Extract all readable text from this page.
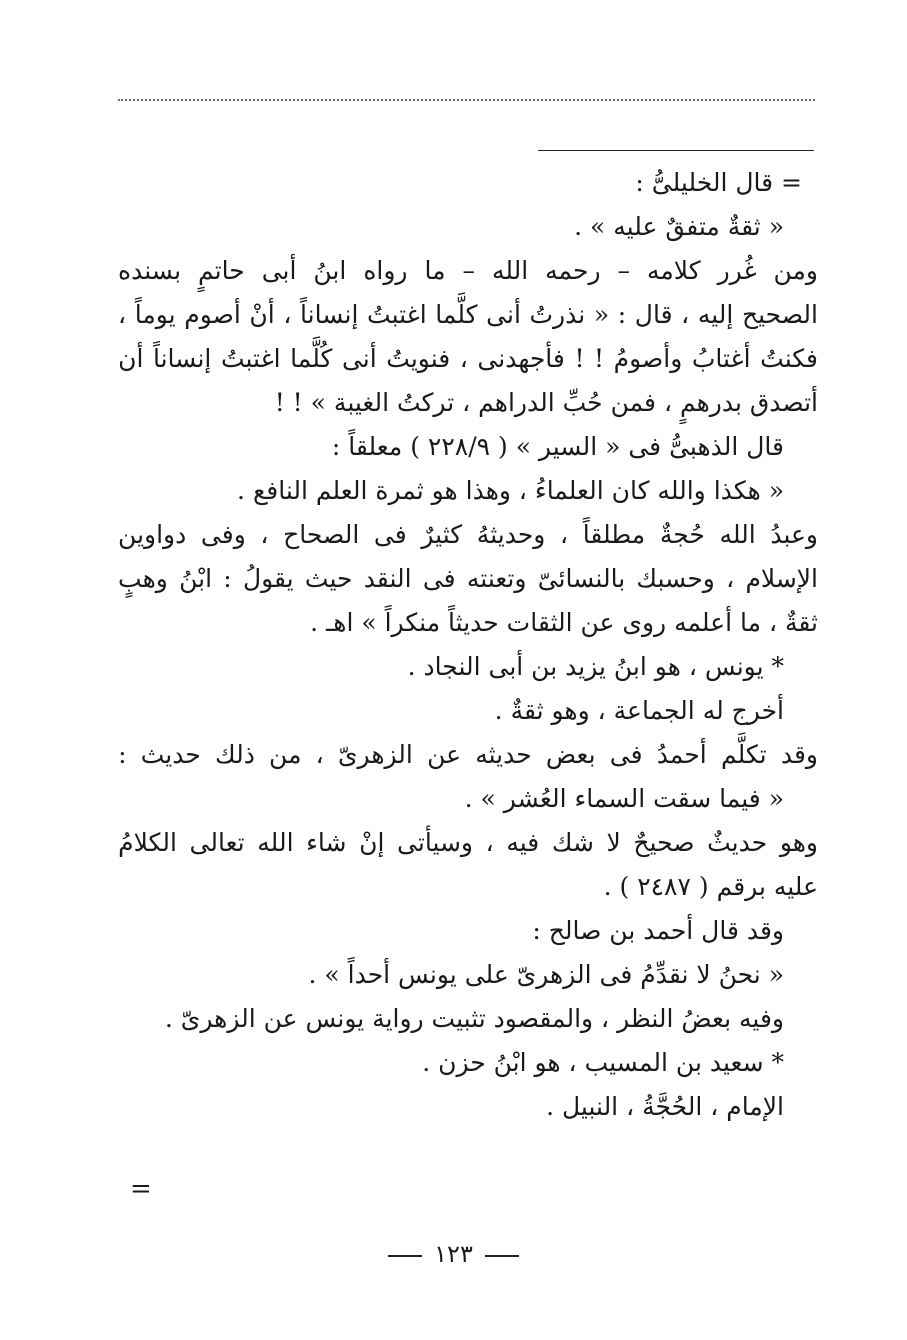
= قال الخليلىُّ :
« ثقةٌ متفقٌ عليه » .
ومن
غُرر
كلامه
–
رحمه
الله
–
ما
رواه
ابنُ
أبى
حاتمٍ
بسنده
الصحيح
إليه
،
قال
:
«
نذرتُ
أنى
كلَّما
اغتبتُ
إنساناً
،
أنْ
أصوم
يوماً
،
فكنتُ
أغتابُ
وأصومُ
!
!
فأجهدنى
،
فنويتُ
أنى
كُلَّما
اغتبتُ
إنساناً
أن
أتصدق بدرهمٍ ، فمن حُبِّ الدراهم ، تركتُ الغيبة » ! !
قال الذهبىُّ فى « السير » ( ٢٢٨/٩ ) معلقاً :
« هكذا والله كان العلماءُ ، وهذا هو ثمرة العلم النافع .
وعبدُ
الله
حُجةٌ
مطلقاً
،
وحديثهُ
كثيرٌ
فى
الصحاح
،
وفى
دواوين
الإسلام
،
وحسبك
بالنسائىّ
وتعنته
فى
النقد
حيث
يقولُ
:
ابْنُ
وهبٍ
ثقةٌ ، ما أعلمه روى عن الثقات حديثاً منكراً » اهـ .
* يونس ، هو ابنُ يزيد بن أبى النجاد .
أخرج له الجماعة ، وهو ثقةٌ .
وقد
تكلَّم
أحمدُ
فى
بعض
حديثه
عن
الزهرىّ
،
من
ذلك
حديث
:
« فيما سقت السماء العُشر » .
وهو
حديثٌ
صحيحٌ
لا
شك
فيه
،
وسيأتى
إنْ
شاء
الله
تعالى
الكلامُ
عليه برقم ( ٢٤٨٧ ) .
وقد قال أحمد بن صالح :
« نحنُ لا نقدِّمُ فى الزهرىّ على يونس أحداً » .
وفيه بعضُ النظر ، والمقصود تثبيت رواية يونس عن الزهرىّ .
* سعيد بن المسيب ، هو ابْنُ حزن .
الإمام ، الحُجَّةُ ، النبيل .
=
١٢٣
